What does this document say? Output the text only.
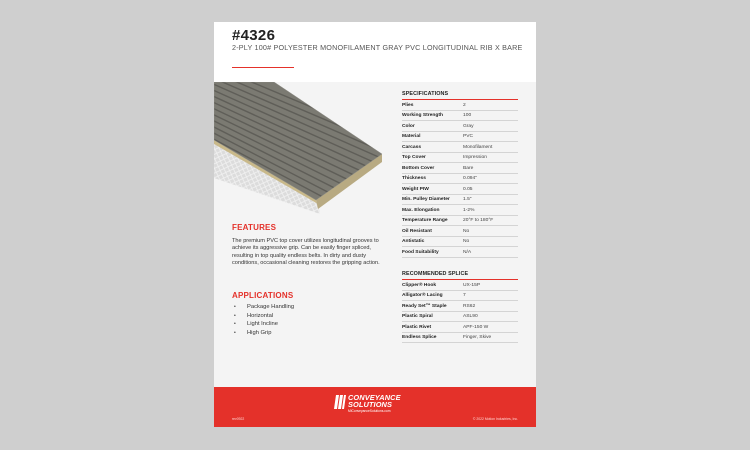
#4326
2-PLY 100# POLYESTER MONOFILAMENT GRAY PVC LONGITUDINAL RIB X BARE
FEATURES
The premium PVC top cover utilizes longitudinal grooves to achieve its aggressive grip. Can be easily finger spliced, resulting in top quality endless belts. In dirty and dusty conditions, occasional cleaning restores the gripping action.
APPLICATIONS
• Package Handling
• Horizontal
• Light Incline
• High Grip
SPECIFICATIONS
Plies	2
Working Strength	100
Color	Gray
Material	PVC
Carcass	Monofilament
Top Cover	Impression
Bottom Cover	Bare
Thickness	0.094"
Weight PIW	0.05
Min. Pulley Diameter	1.5"
Max. Elongation	1-2%
Temperature Range	20°F to 180°F
Oil Resistant	No
Antistatic	No
Food Suitability	N/A
RECOMMENDED SPLICE
Clipper® Hook	UX-15P
Alligator® Lacing	7
Ready Set™ Staple	RS62
Plastic Spiral	ASL90
Plastic Rivet	APF-150 W
Endless Splice	Finger, Skive
CONVEYANCE
SOLUTIONS
MiConveyanceSolutions.com
rev0922	© 2022 Motion Industries, Inc.
